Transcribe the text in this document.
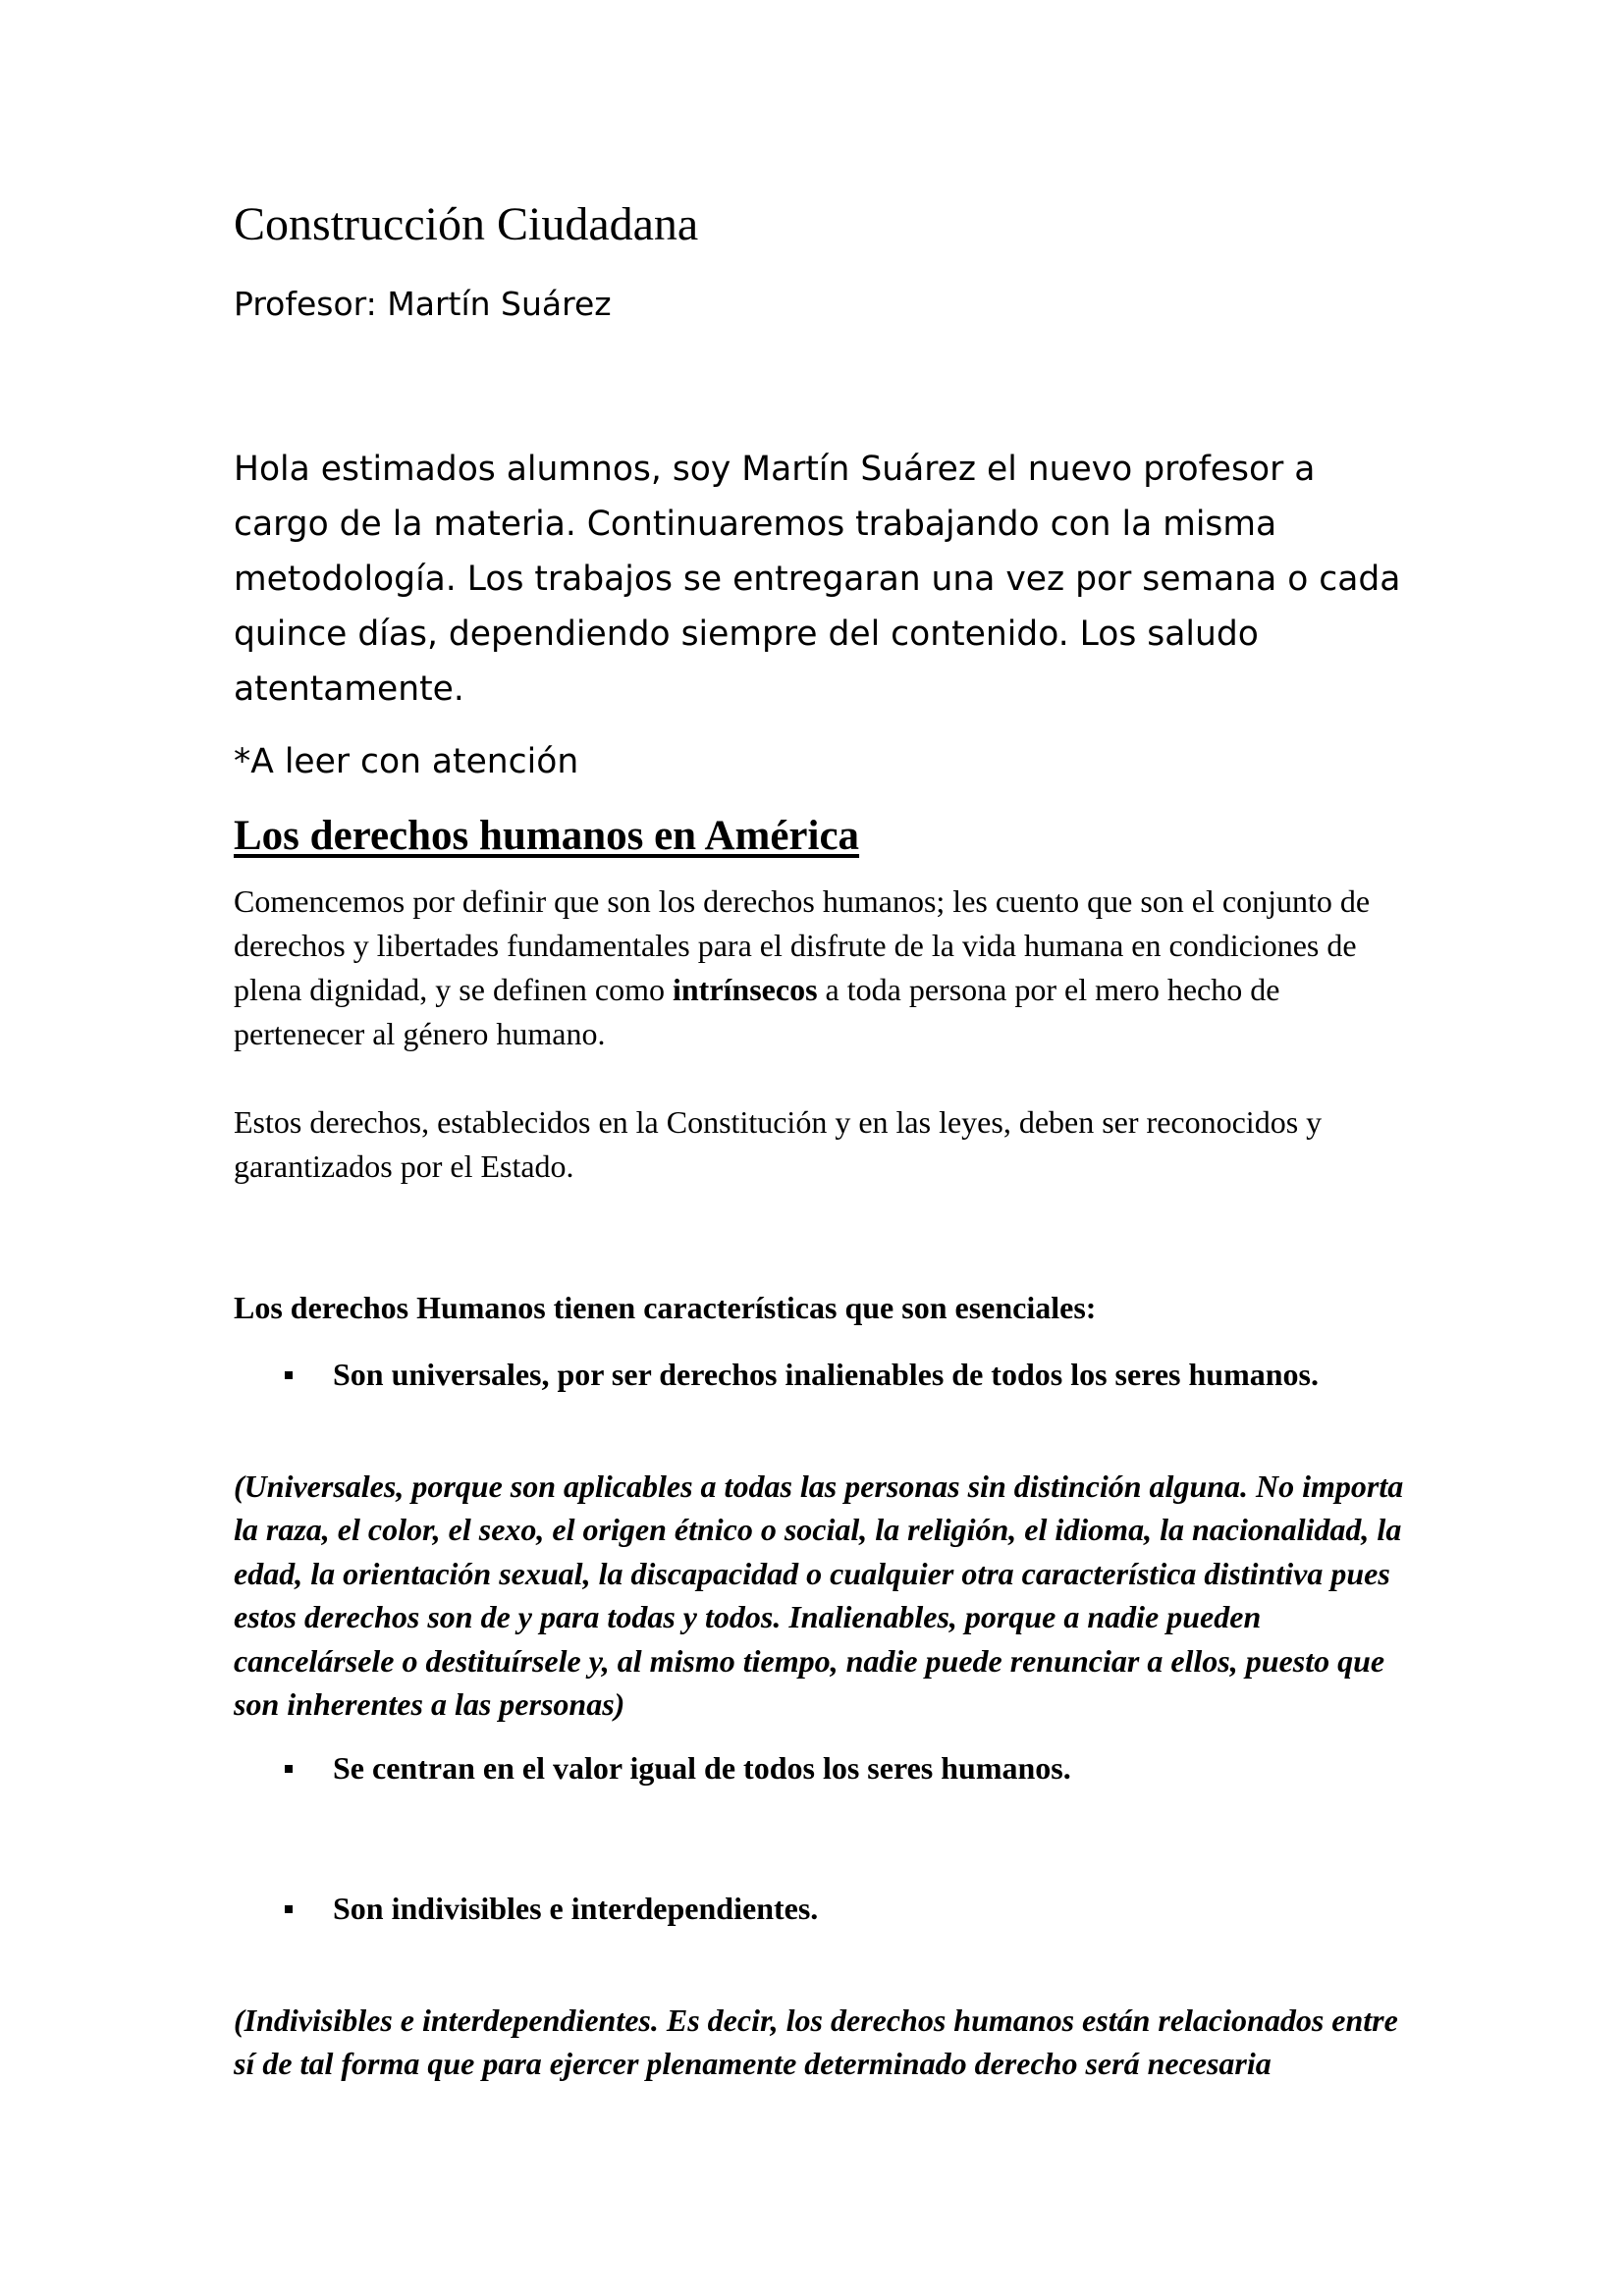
Construcción Ciudadana

Profesor: Martín Suárez

Hola estimados alumnos, soy Martín Suárez el nuevo profesor a cargo de la materia. Continuaremos trabajando con la misma metodología. Los trabajos se entregaran una vez por semana o cada quince días, dependiendo siempre del contenido. Los saludo atentamente.

*A leer con atención

Los derechos humanos en América

Comencemos por definir que son los derechos humanos; les cuento que son el conjunto de derechos y libertades fundamentales para el disfrute de la vida humana en condiciones de plena dignidad, y se definen como intrínsecos a toda persona por el mero hecho de pertenecer al género humano.

Estos derechos, establecidos en la Constitución y en las leyes, deben ser reconocidos y garantizados por el Estado.

Los derechos Humanos tienen características que son esenciales:

Son universales, por ser derechos inalienables de todos los seres humanos.

(Universales, porque son aplicables a todas las personas sin distinción alguna. No importa la raza, el color, el sexo, el origen étnico o social, la religión, el idioma, la nacionalidad, la edad, la orientación sexual, la discapacidad o cualquier otra característica distintiva pues estos derechos son de y para todas y todos. Inalienables, porque a nadie pueden cancelársele o destituírsele y, al mismo tiempo, nadie puede renunciar a ellos, puesto que son inherentes a las personas)

Se centran en el valor igual de todos los seres humanos.
Son indivisibles e interdependientes.

(Indivisibles e interdependientes. Es decir, los derechos humanos están relacionados entre sí de tal forma que para ejercer plenamente determinado derecho será necesaria
